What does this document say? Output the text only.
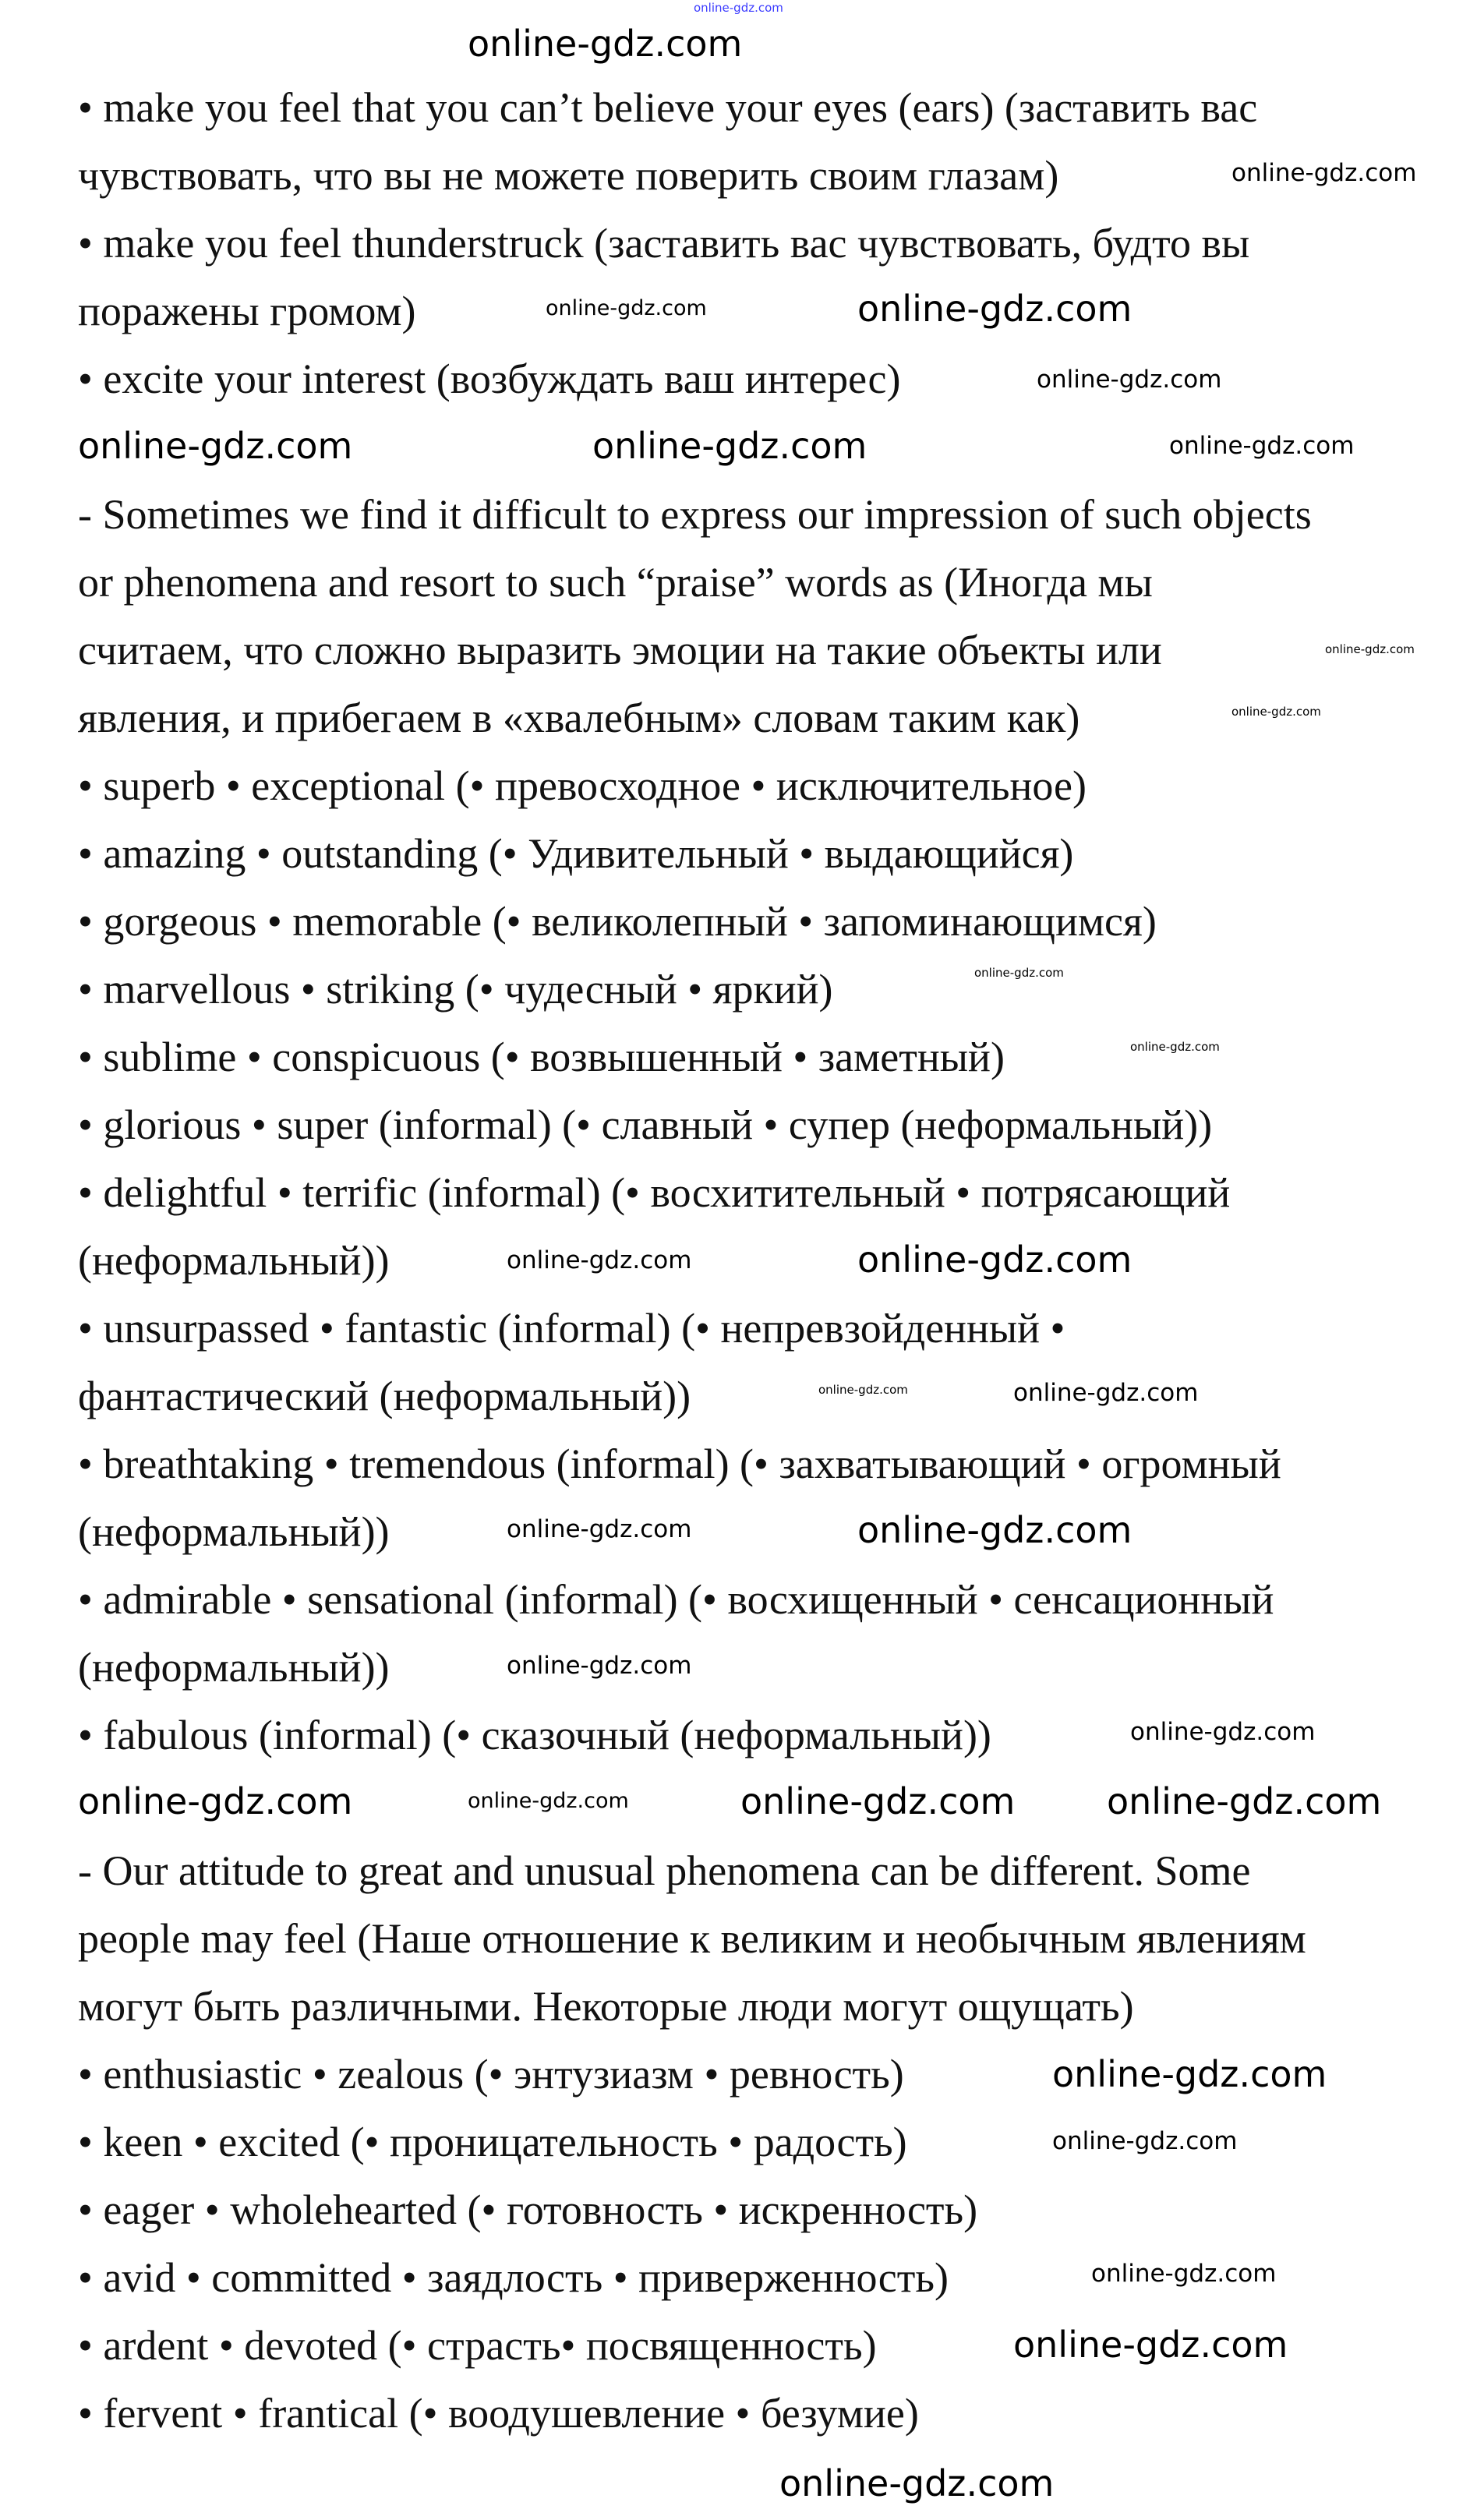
• make you feel that you can’t believe your eyes (ears) (заставить вас
чувствовать, что вы не можете поверить своим глазам)
• make you feel thunderstruck (заставить вас чувствовать, будто вы
поражены громом)
• excite your interest (возбуждать ваш интерес)
- Sometimes we find it difficult to express our impression of such objects
or phenomena and resort to such “praise” words as (Иногда мы
считаем, что сложно выразить эмоции на такие объекты или
явления, и прибегаем в «хвалебным» словам таким как)
• superb • exceptional (• превосходное • исключительное)
• amazing • outstanding (• Удивительный • выдающийся)
• gorgeous • memorable (• великолепный • запоминающимся)
• marvellous • striking (• чудесный • яркий)
• sublime • conspicuous (• возвышенный • заметный)
• glorious • super (informal) (• славный • супер (неформальный))
• delightful • terrific (informal) (• восхитительный • потрясающий
(неформальный))
• unsurpassed • fantastic (informal) (• непревзойденный •
фантастический (неформальный))
• breathtaking • tremendous (informal) (• захватывающий • огромный
(неформальный))
• admirable • sensational (informal) (• восхищенный • сенсационный
(неформальный))
• fabulous (informal) (• сказочный (неформальный))
- Our attitude to great and unusual phenomena can be different. Some
people may feel (Наше отношение к великим и необычным явлениям
могут быть различными. Некоторые люди могут ощущать)
• enthusiastic • zealous (• энтузиазм • ревность)
• keen • excited (• проницательность • радость)
• eager • wholehearted (• готовность • искренность)
• avid • committed • заядлость • приверженность)
• ardent • devoted (• страсть• посвященность)
• fervent • frantical (• воодушевление • безумие)
online-gdz.com
online-gdz.com
online-gdz.com
online-gdz.com
online-gdz.com	online-gdz.com
online-gdz.com
online-gdz.com
online-gdz.com
online-gdz.com
online-gdz.com
online-gdz.com
online-gdz.com	online-gdz.com
online-gdz.com
online-gdz.com
online-gdz.com	online-gdz.com
online-gdz.com
online-gdz.com
online-gdz.com	online-gdz.com
online-gdz.com
online-gdz.com	online-gdz.com
online-gdz.com
online-gdz.com
online-gdz.com
online-gdz.com
online-gdz.com
